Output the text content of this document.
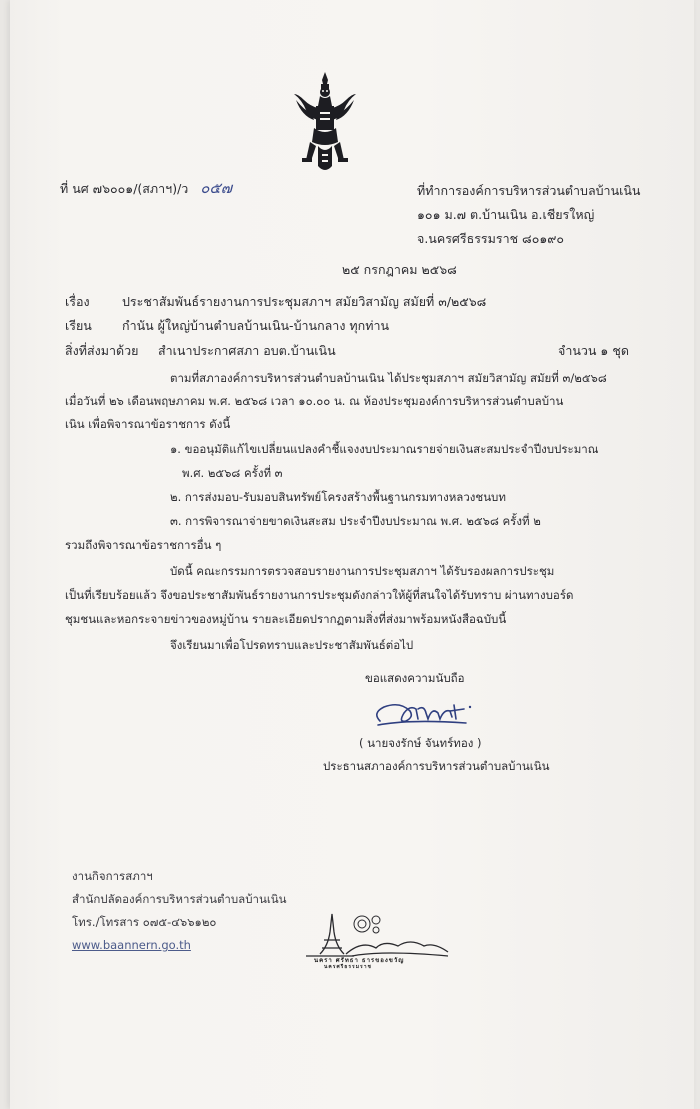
ที่ นศ ๗๖๐๐๑/(สภาฯ)/ว ๐๕๗	ที่ทำการองค์การบริหารส่วนตำบลบ้านเนิน
๑๐๑ ม.๗ ต.บ้านเนิน อ.เชียรใหญ่
จ.นครศรีธรรมราช ๘๐๑๙๐
๒๕ กรกฎาคม ๒๕๖๘
เรื่อง	ประชาสัมพันธ์รายงานการประชุมสภาฯ สมัยวิสามัญ สมัยที่ ๓/๒๕๖๘
เรียน กำนัน ผู้ใหญ่บ้านตำบลบ้านเนิน-บ้านกลาง ทุกท่าน
สิ่งที่ส่งมาด้วย สำเนาประกาศสภา อบต.บ้านเนิน	จำนวน ๑ ชุด
ตามที่สภาองค์การบริหารส่วนตำบลบ้านเนิน ได้ประชุมสภาฯ สมัยวิสามัญ สมัยที่ ๓/๒๕๖๘
เมื่อวันที่ ๒๖ เดือนพฤษภาคม พ.ศ. ๒๕๖๘ เวลา ๑๐.๐๐ น. ณ ห้องประชุมองค์การบริหารส่วนตำบลบ้าน
เนิน เพื่อพิจารณาข้อราชการ ดังนี้
๑. ขออนุมัติแก้ไขเปลี่ยนแปลงคำชี้แจงงบประมาณรายจ่ายเงินสะสมประจำปีงบประมาณ
พ.ศ. ๒๕๖๘ ครั้งที่ ๓
๒. การส่งมอบ-รับมอบสินทรัพย์โครงสร้างพื้นฐานกรมทางหลวงชนบท
๓. การพิจารณาจ่ายขาดเงินสะสม ประจำปีงบประมาณ พ.ศ. ๒๕๖๘ ครั้งที่ ๒
รวมถึงพิจารณาข้อราชการอื่น ๆ
บัดนี้ คณะกรรมการตรวจสอบรายงานการประชุมสภาฯ ได้รับรองผลการประชุม
เป็นที่เรียบร้อยแล้ว จึงขอประชาสัมพันธ์รายงานการประชุมดังกล่าวให้ผู้ที่สนใจได้รับทราบ ผ่านทางบอร์ด
ชุมชนและหอกระจายข่าวของหมู่บ้าน รายละเอียดปรากฏตามสิ่งที่ส่งมาพร้อมหนังสือฉบับนี้
จึงเรียนมาเพื่อโปรดทราบและประชาสัมพันธ์ต่อไป
ขอแสดงความนับถือ
( นายจงรักษ์ จันทร์ทอง )
ประธานสภาองค์การบริหารส่วนตำบลบ้านเนิน
งานกิจการสภาฯ
สำนักปลัดองค์การบริหารส่วนตำบลบ้านเนิน
โทร./โทรสาร ๐๗๕-๔๖๖๑๒๐
www.baannern.go.th
นครา ศรัทธา ธารของขวัญ
นครศรีธรรมราช
